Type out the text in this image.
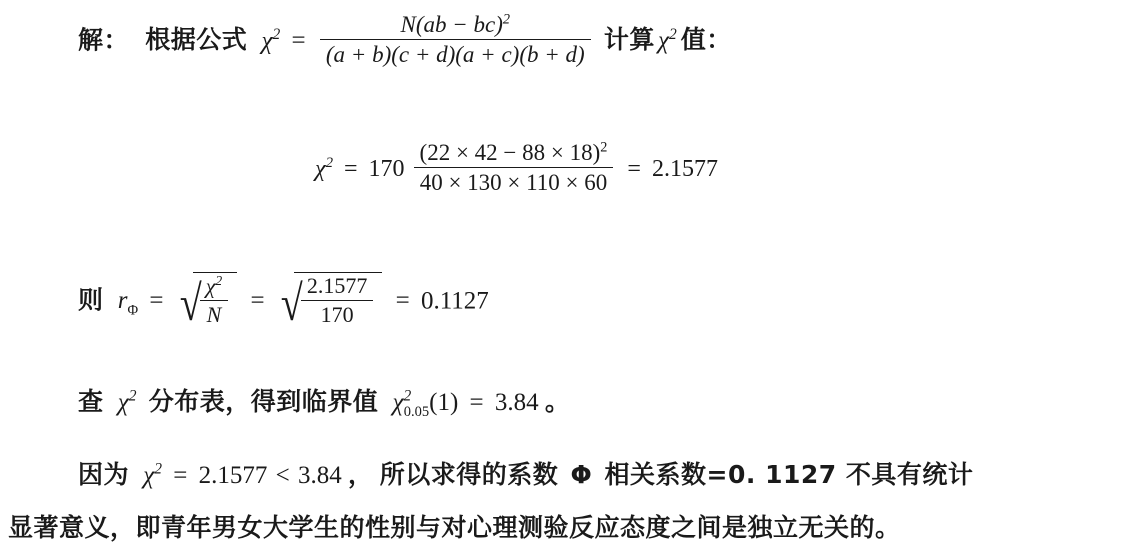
解： 根据公式 $\chi^2 = \frac{N(ab - bc)^2}{(a + b)(c + d)(a + c)(b + d)}$ 计算 $\chi^2$ 值：
$\chi^2 = 170 \frac{(22 \times 42 - 88 \times 18)^2}{40 \times 130 \times 110 \times 60} = 2.1577$
则 $r_\Phi$ = √
$\frac{\chi^2}{N}$ = √
$\frac{2.1577}{170} = 0.1127$
查 $\chi^2$ 分布表，得到临界值 $\chi^2_{0.05}(1) = 3.84$ 。
因为 $\chi^2 = 2.1577 < 3.84$ ， 所以求得的系数 Φ 相关系数=0. 1127 不具有统计
显著意义，即青年男女大学生的性别与对心理测验反应态度之间是独立无关的。
